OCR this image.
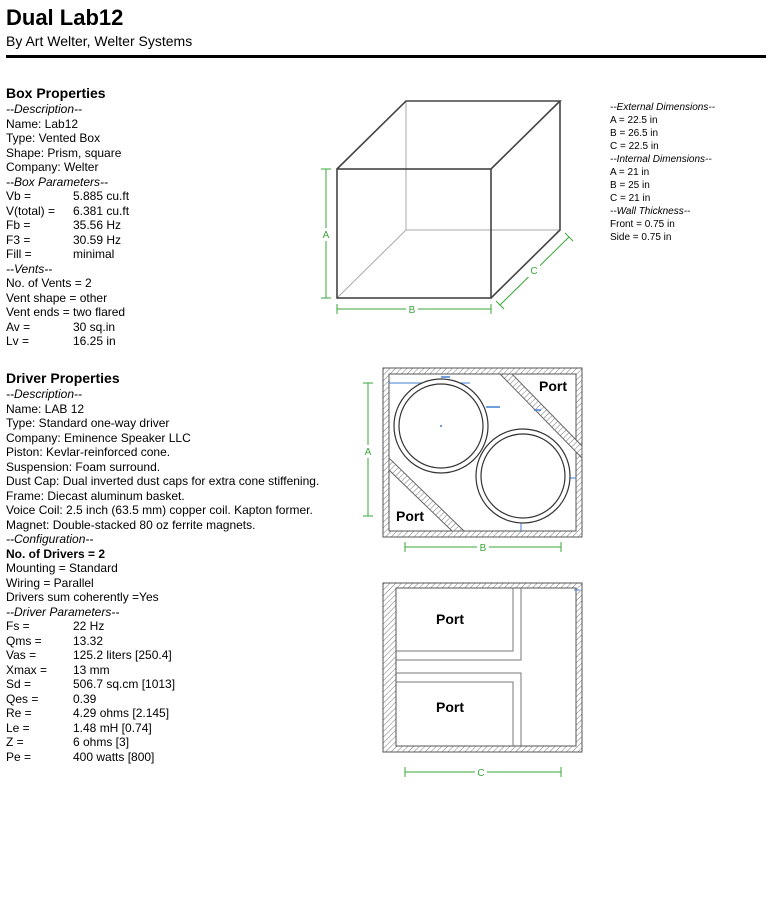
Dual Lab12
By Art Welter, Welter Systems
Box Properties
--Description--
Name: Lab12
Type: Vented Box
Shape: Prism, square
Company: Welter
--Box Parameters--
Vb =	5.885 cu.ft
V(total) = 6.381 cu.ft
Fb =	35.56 Hz
F3 =	30.59 Hz
Fill =	minimal
--Vents--
No. of Vents = 2
Vent shape = other
Vent ends = two flared
Av =	30 sq.in
Lv =	16.25 in
Driver Properties
--Description--
Name: LAB 12
Type: Standard one-way driver
Company: Eminence Speaker LLC
Piston: Kevlar-reinforced cone.
Suspension: Foam surround.
Dust Cap: Dual inverted dust caps for extra cone stiffening.
Frame: Diecast aluminum basket.
Voice Coil: 2.5 inch (63.5 mm) copper coil. Kapton former.
Magnet: Double-stacked 80 oz ferrite magnets.
--Configuration--
No. of Drivers = 2
Mounting = Standard
Wiring = Parallel
Drivers sum coherently =Yes
--Driver Parameters--
Fs =	22 Hz
Qms =	13.32
Vas =	125.2 liters [250.4]
Xmax = 13 mm
Sd =	506.7 sq.cm [1013]
Qes =	0.39
Re =	4.29 ohms [2.145]
Le =	1.48 mH [0.74]
Z =	6 ohms [3]
Pe =	400 watts [800]
--External Dimensions--
A = 22.5 in
B = 26.5 in
C = 22.5 in
--Internal Dimensions--
A = 21 in
B = 25 in
C = 21 in
--Wall Thickness--
Front = 0.75 in
Side = 0.75 in
A
B
C
Port
Port
A
B
Port
Port
C
